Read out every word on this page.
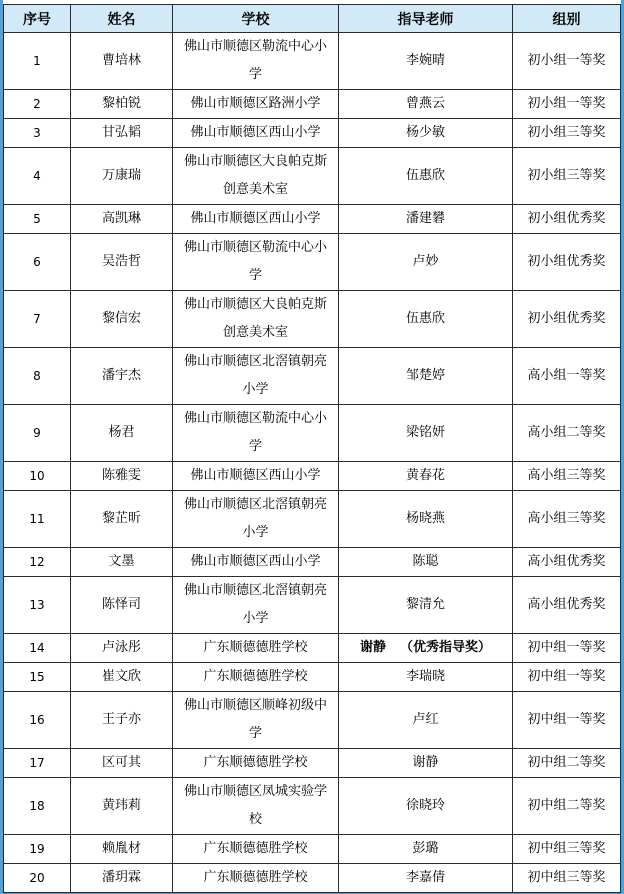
序号	姓名	学校	指导老师	组别
1	曹培林	佛山市顺德区勒流中心小学	李婉晴	初小组一等奖
2	黎柏锐	佛山市顺德区路洲小学	曾燕云	初小组一等奖
3	甘弘韬	佛山市顺德区西山小学	杨少敏	初小组三等奖
4	万康瑞	佛山市顺德区大良帕克斯创意美术室	伍惠欣	初小组三等奖
5	高凯琳	佛山市顺德区西山小学	潘建礬	初小组优秀奖
6	吴浩哲	佛山市顺德区勒流中心小学	卢妙	初小组优秀奖
7	黎信宏	佛山市顺德区大良帕克斯创意美术室	伍惠欣	初小组优秀奖
8	潘宇杰	佛山市顺德区北滘镇朝亮小学	邹楚婷	高小组一等奖
9	杨君	佛山市顺德区勒流中心小学	梁铭妍	高小组二等奖
10	陈雅雯	佛山市顺德区西山小学	黄春花	高小组三等奖
11	黎芷昕	佛山市顺德区北滘镇朝亮小学	杨晓燕	高小组三等奖
12	文墨	佛山市顺德区西山小学	陈聪	高小组优秀奖
13	陈怿司	佛山市顺德区北滘镇朝亮小学	黎清允	高小组优秀奖
14	卢泳彤	广东顺德德胜学校	谢静 （优秀指导奖）	初中组一等奖
15	崔文欣	广东顺德德胜学校	李瑞晓	初中组一等奖
16	王子亦	佛山市顺德区顺峰初级中学	卢红	初中组一等奖
17	区可其	广东顺德德胜学校	谢静	初中组二等奖
18	黄玮莉	佛山市顺德区凤城实验学校	徐晓玲	初中组二等奖
19	赖胤材	广东顺德德胜学校	彭璐	初中组三等奖
20	潘玥霖	广东顺德德胜学校	李嘉倩	初中组三等奖
